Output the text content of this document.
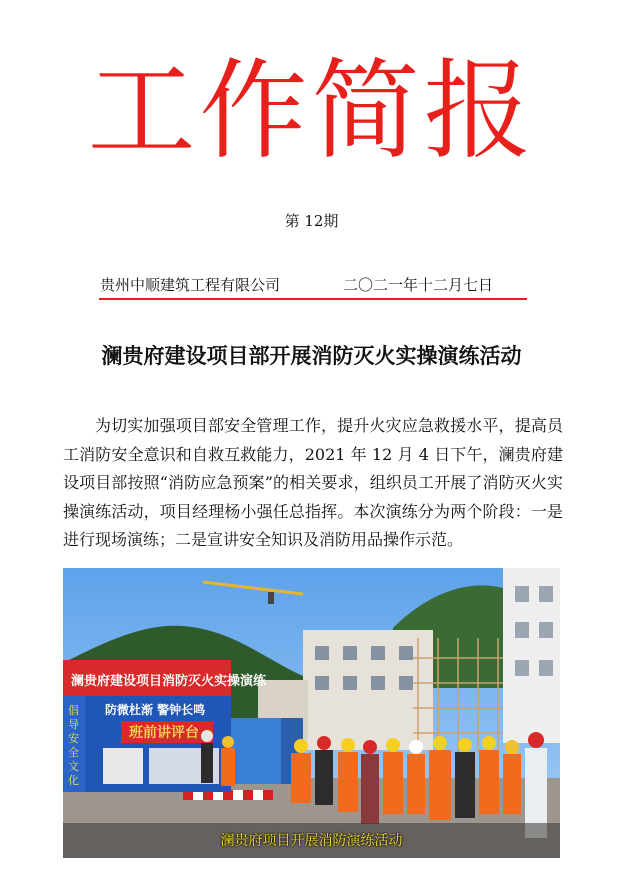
工作简报
第 12期
贵州中顺建筑工程有限公司	二〇二一年十二月七日
澜贵府建设项目部开展消防灭火实操演练活动

为切实加强项目部安全管理工作，提升火灾应急救援水平，提高员工消防安全意识和自救互救能力，2021 年 12 月 4 日下午，澜贵府建设项目部按照“消防应急预案”的相关要求，组织员工开展了消防灭火实操演练活动，项目经理杨小强任总指挥。本次演练分为两个阶段：一是进行现场演练；二是宣讲安全知识及消防用品操作示范。

澜贵府建设项目消防灭火实操演练
倡导安全文化
防微杜渐 警钟长鸣
班前讲评台
澜贵府项目开展消防演练活动
